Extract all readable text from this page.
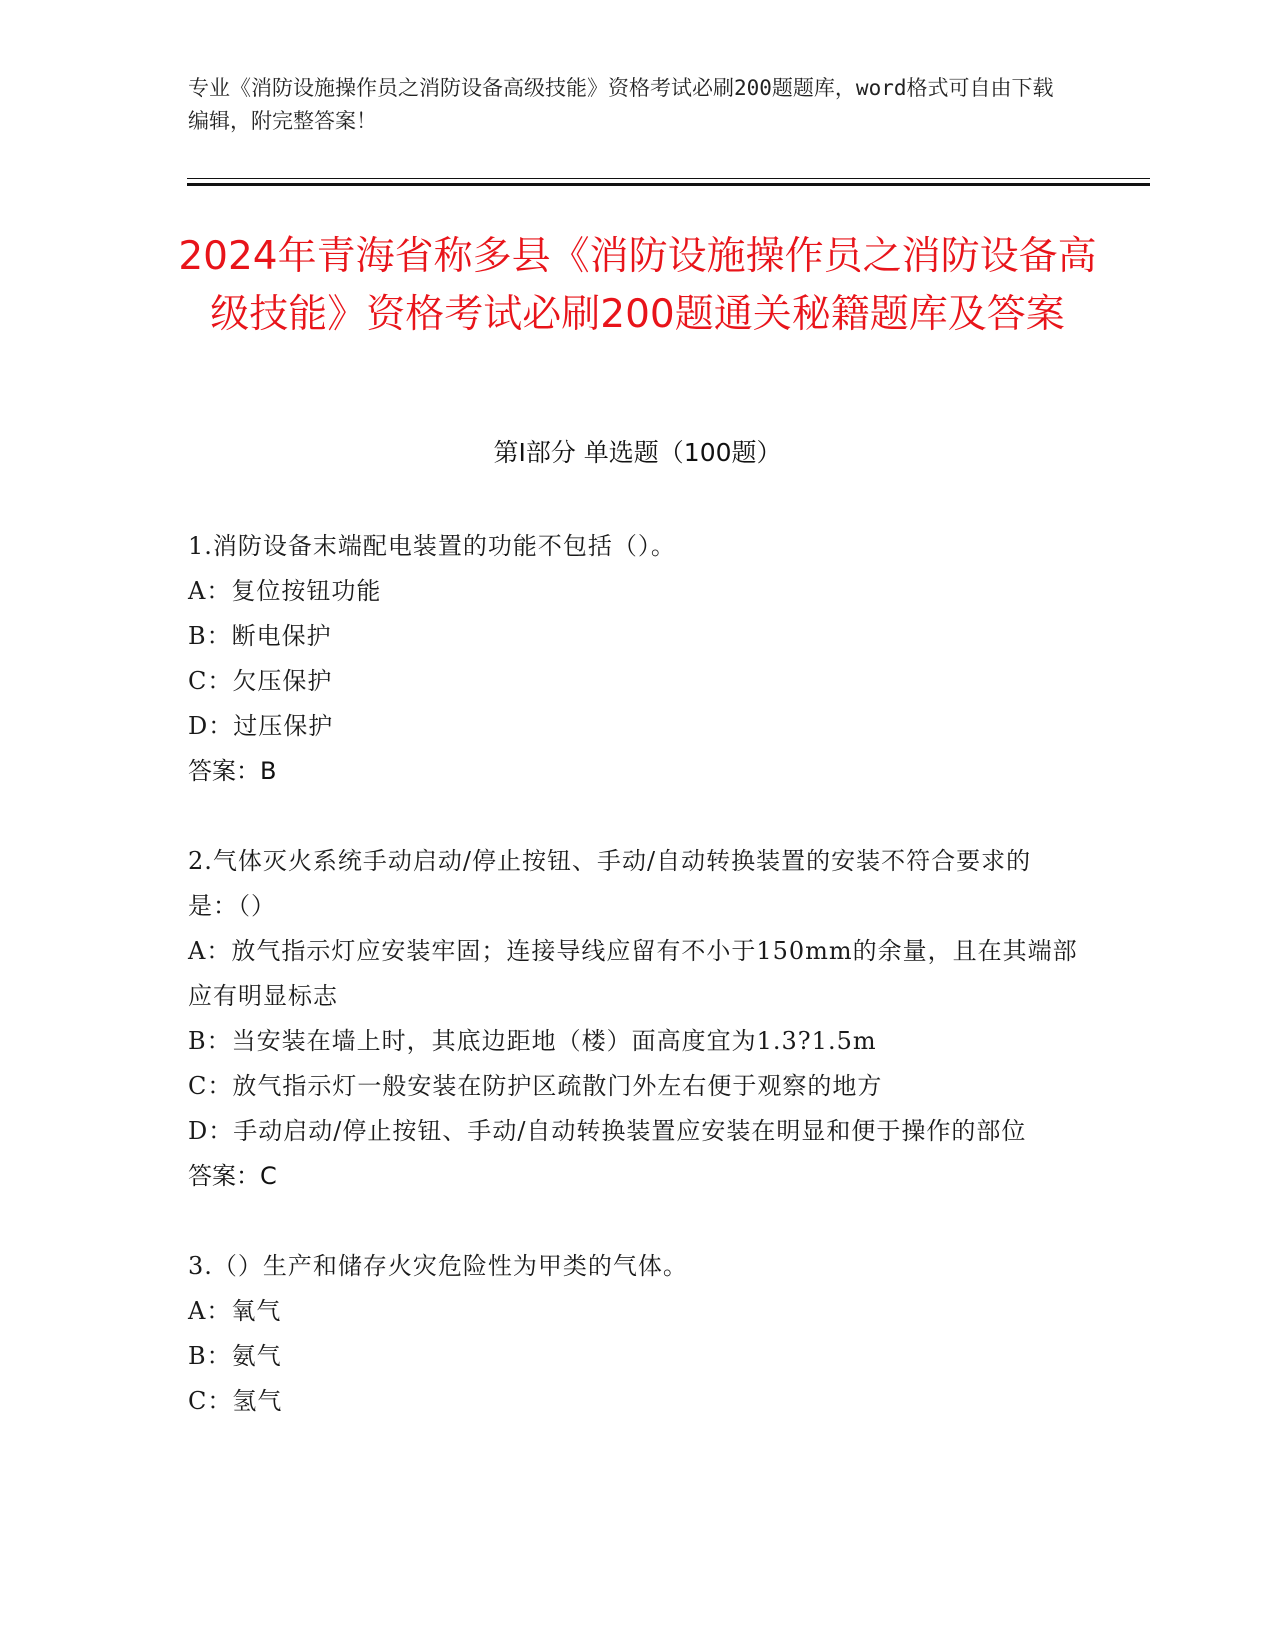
专业《消防设施操作员之消防设备高级技能》资格考试必刷200题题库，word格式可自由下载编辑，附完整答案！
2024年青海省称多县《消防设施操作员之消防设备高级技能》资格考试必刷200题通关秘籍题库及答案
第Ⅰ部分 单选题（100题）
1.消防设备末端配电装置的功能不包括（）。
A：复位按钮功能
B：断电保护
C：欠压保护
D：过压保护
答案：B
2.气体灭火系统手动启动/停止按钮、手动/自动转换装置的安装不符合要求的是：（）
A：放气指示灯应安装牢固；连接导线应留有不小于150mm的余量，且在其端部应有明显标志
B：当安装在墙上时，其底边距地（楼）面高度宜为1.3?1.5m
C：放气指示灯一般安装在防护区疏散门外左右便于观察的地方
D：手动启动/停止按钮、手动/自动转换装置应安装在明显和便于操作的部位
答案：C
3.（）生产和储存火灾危险性为甲类的气体。
A：氧气
B：氨气
C：氢气
